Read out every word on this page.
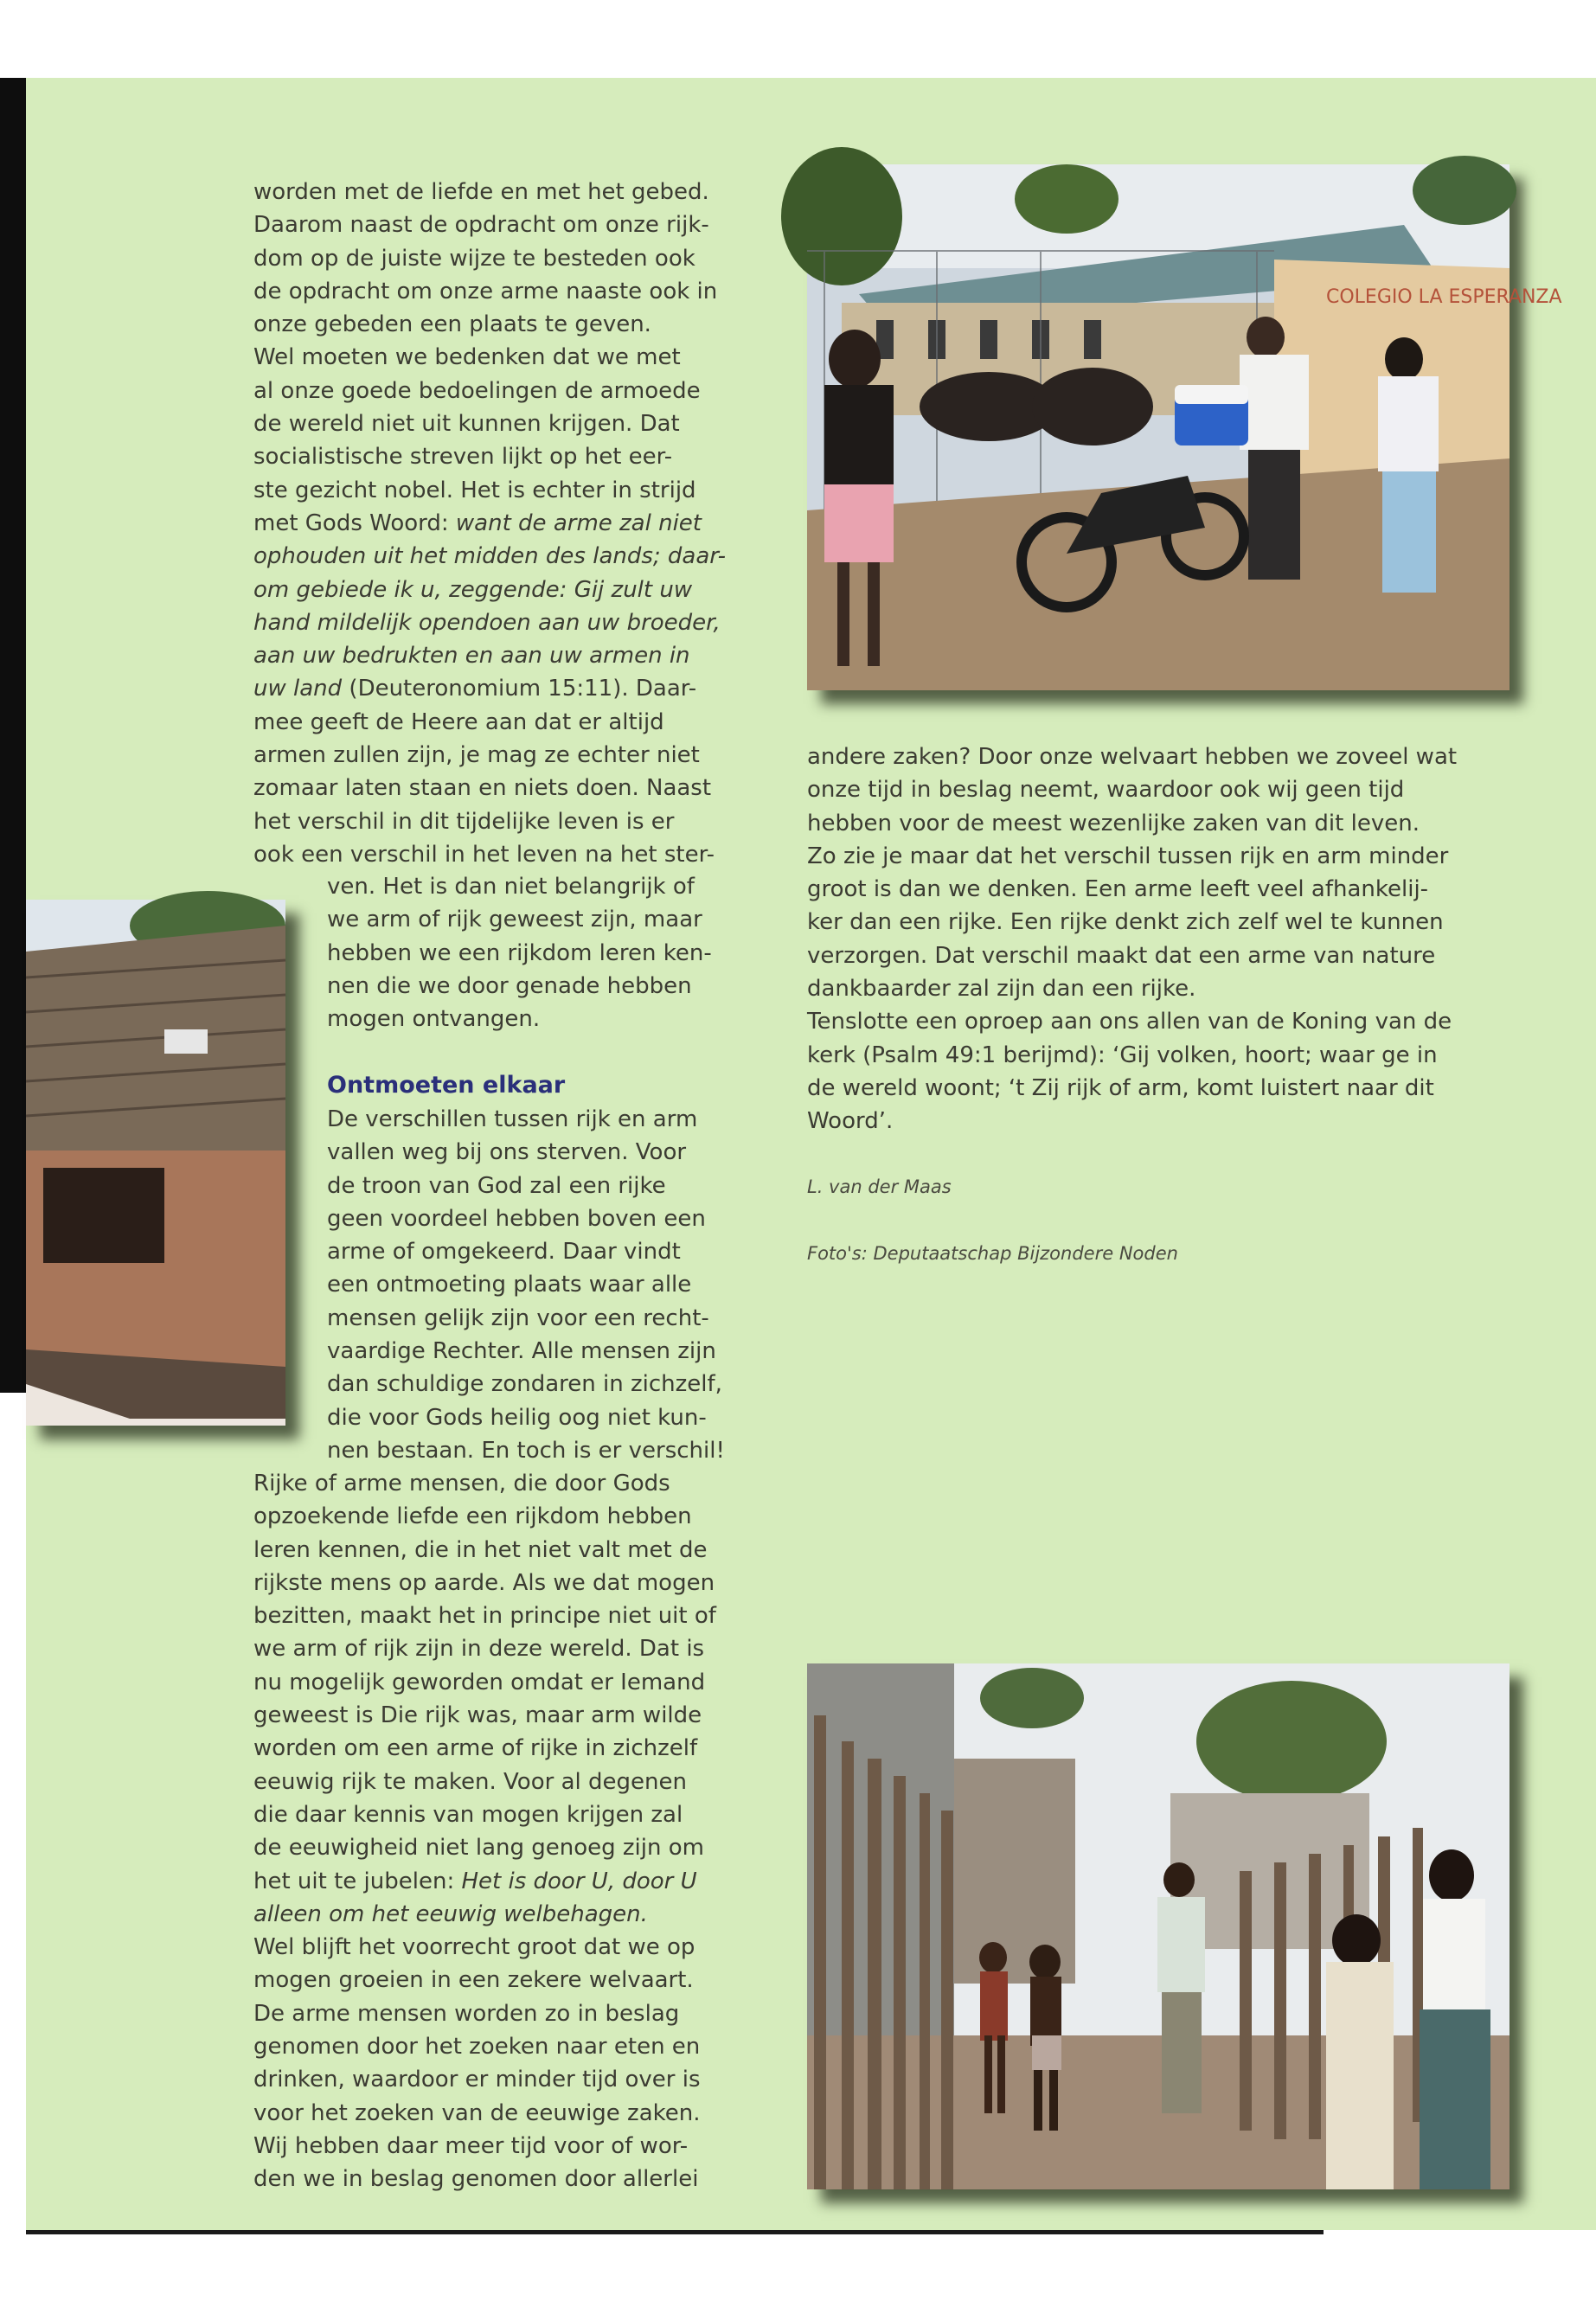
worden met de liefde en met het gebed.
Daarom naast de opdracht om onze rijk-
dom op de juiste wijze te besteden ook
de opdracht om onze arme naaste ook in
onze gebeden een plaats te geven.
Wel moeten we bedenken dat we met
al onze goede bedoelingen de armoede
de wereld niet uit kunnen krijgen. Dat
socialistische streven lijkt op het eer-
ste gezicht nobel. Het is echter in strijd
met Gods Woord: want de arme zal niet
ophouden uit het midden des lands; daar-
om gebiede ik u, zeggende: Gij zult uw
hand mildelijk opendoen aan uw broeder,
aan uw bedrukten en aan uw armen in
uw land (Deuteronomium 15:11). Daar-
mee geeft de Heere aan dat er altijd
armen zullen zijn, je mag ze echter niet
zomaar laten staan en niets doen. Naast
het verschil in dit tijdelijke leven is er
ook een verschil in het leven na het ster-
ven. Het is dan niet belangrijk of
we arm of rijk geweest zijn, maar
hebben we een rijkdom leren ken-
nen die we door genade hebben
mogen ontvangen.
Ontmoeten elkaar
De verschillen tussen rijk en arm
vallen weg bij ons sterven. Voor
de troon van God zal een rijke
geen voordeel hebben boven een
arme of omgekeerd. Daar vindt
een ontmoeting plaats waar alle
mensen gelijk zijn voor een recht-
vaardige Rechter. Alle mensen zijn
dan schuldige zondaren in zichzelf,
die voor Gods heilig oog niet kun-
nen bestaan. En toch is er verschil!
Rijke of arme mensen, die door Gods
opzoekende liefde een rijkdom hebben
leren kennen, die in het niet valt met de
rijkste mens op aarde. Als we dat mogen
bezitten, maakt het in principe niet uit of
we arm of rijk zijn in deze wereld. Dat is
nu mogelijk geworden omdat er Iemand
geweest is Die rijk was, maar arm wilde
worden om een arme of rijke in zichzelf
eeuwig rijk te maken. Voor al degenen
die daar kennis van mogen krijgen zal
de eeuwigheid niet lang genoeg zijn om
het uit te jubelen: Het is door U, door U
alleen om het eeuwig welbehagen.
Wel blijft het voorrecht groot dat we op
mogen groeien in een zekere welvaart.
De arme mensen worden zo in beslag
genomen door het zoeken naar eten en
drinken, waardoor er minder tijd over is
voor het zoeken van de eeuwige zaken.
Wij hebben daar meer tijd voor of wor-
den we in beslag genomen door allerlei
andere zaken? Door onze welvaart hebben we zoveel wat
onze tijd in beslag neemt, waardoor ook wij geen tijd
hebben voor de meest wezenlijke zaken van dit leven.
Zo zie je maar dat het verschil tussen rijk en arm minder
groot is dan we denken. Een arme leeft veel afhankelij-
ker dan een rijke. Een rijke denkt zich zelf wel te kunnen
verzorgen. Dat verschil maakt dat een arme van nature
dankbaarder zal zijn dan een rijke.
Tenslotte een oproep aan ons allen van de Koning van de
kerk (Psalm 49:1 berijmd): ‘Gij volken, hoort; waar ge in
de wereld woont; ‘t Zij rijk of arm, komt luistert naar dit
Woord’.
L. van der Maas
Foto's: Deputaatschap Bijzondere Noden
COLEGIO LA ESPERANZA
